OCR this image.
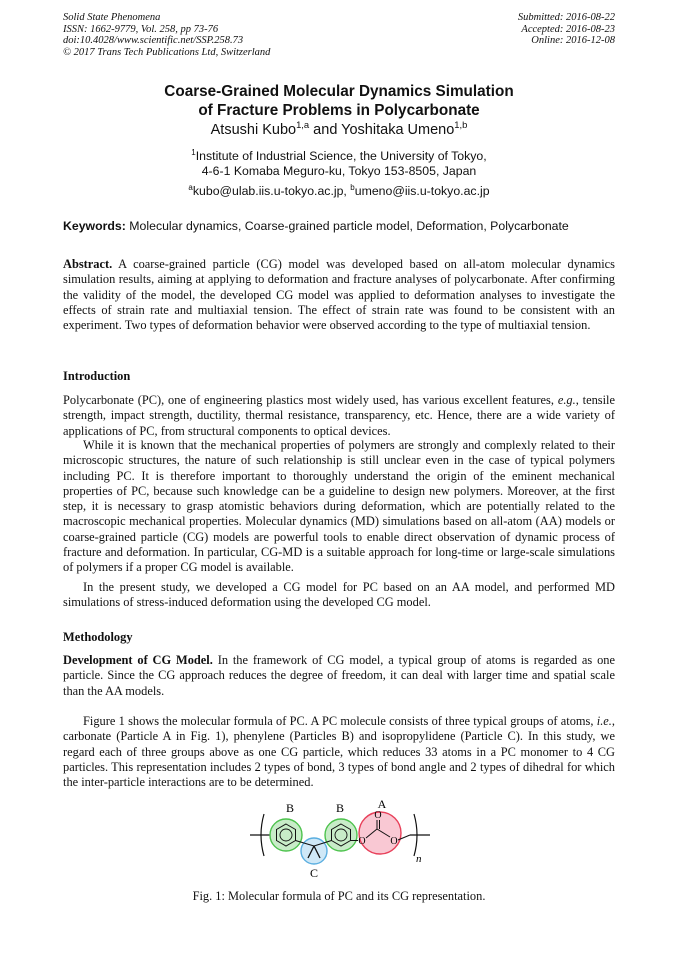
Solid State Phenomena
ISSN: 1662-9779, Vol. 258, pp 73-76
doi:10.4028/www.scientific.net/SSP.258.73
© 2017 Trans Tech Publications Ltd, Switzerland
Submitted: 2016-08-22
Accepted: 2016-08-23
Online: 2016-12-08
Coarse-Grained Molecular Dynamics Simulation
of Fracture Problems in Polycarbonate
Atsushi Kubo$^{1,a}$ and Yoshitaka Umeno$^{1,b}$
$^1$Institute of Industrial Science, the University of Tokyo,
4-6-1 Komaba Meguro-ku, Tokyo 153-8505, Japan
$^a$kubo@ulab.iis.u-tokyo.ac.jp, $^b$umeno@iis.u-tokyo.ac.jp
Keywords: Molecular dynamics, Coarse-grained particle model, Deformation, Polycarbonate
Abstract. A coarse-grained particle (CG) model was developed based on all-atom molecular dynamics simulation results, aiming at applying to deformation and fracture analyses of polycarbonate. After confirming the validity of the model, the developed CG model was applied to deformation analyses to investigate the effects of strain rate and multiaxial tension. The effect of strain rate was found to be consistent with an experiment. Two types of deformation behavior were observed according to the type of multiaxial tension.
Introduction
Polycarbonate (PC), one of engineering plastics most widely used, has various excellent features, e.g., tensile strength, impact strength, ductility, thermal resistance, transparency, etc. Hence, there are a wide variety of applications of PC, from structural components to optical devices.
While it is known that the mechanical properties of polymers are strongly and complexly related to their microscopic structures, the nature of such relationship is still unclear even in the case of typical polymers including PC. It is therefore important to thoroughly understand the origin of the eminent mechanical properties of PC, because such knowledge can be a guideline to design new polymers. Moreover, at the first step, it is necessary to grasp atomistic behaviors during deformation, which are potentially related to the macroscopic mechanical properties. Molecular dynamics (MD) simulations based on all-atom (AA) models or coarse-grained particle (CG) models are powerful tools to enable direct observation of dynamic process of fracture and deformation. In particular, CG-MD is a suitable approach for long-time or large-scale simulations of polymers if a proper CG model is available.
In the present study, we developed a CG model for PC based on an AA model, and performed MD simulations of stress-induced deformation using the developed CG model.
Methodology
Development of CG Model. In the framework of CG model, a typical group of atoms is regarded as one particle. Since the CG approach reduces the degree of freedom, it can deal with larger time and spatial scale than the AA models.
Figure 1 shows the molecular formula of PC. A PC molecule consists of three typical groups of atoms, i.e., carbonate (Particle A in Fig. 1), phenylene (Particles B) and isopropylidene (Particle C). In this study, we regard each of three groups above as one CG particle, which reduces 33 atoms in a PC monomer to 4 CG particles. This representation includes 2 types of bond, 3 types of bond angle and 2 types of dihedral for which the inter-particle interactions are to be determined.
O
O
O
B	B	A
C
n
Fig. 1: Molecular formula of PC and its CG representation.
